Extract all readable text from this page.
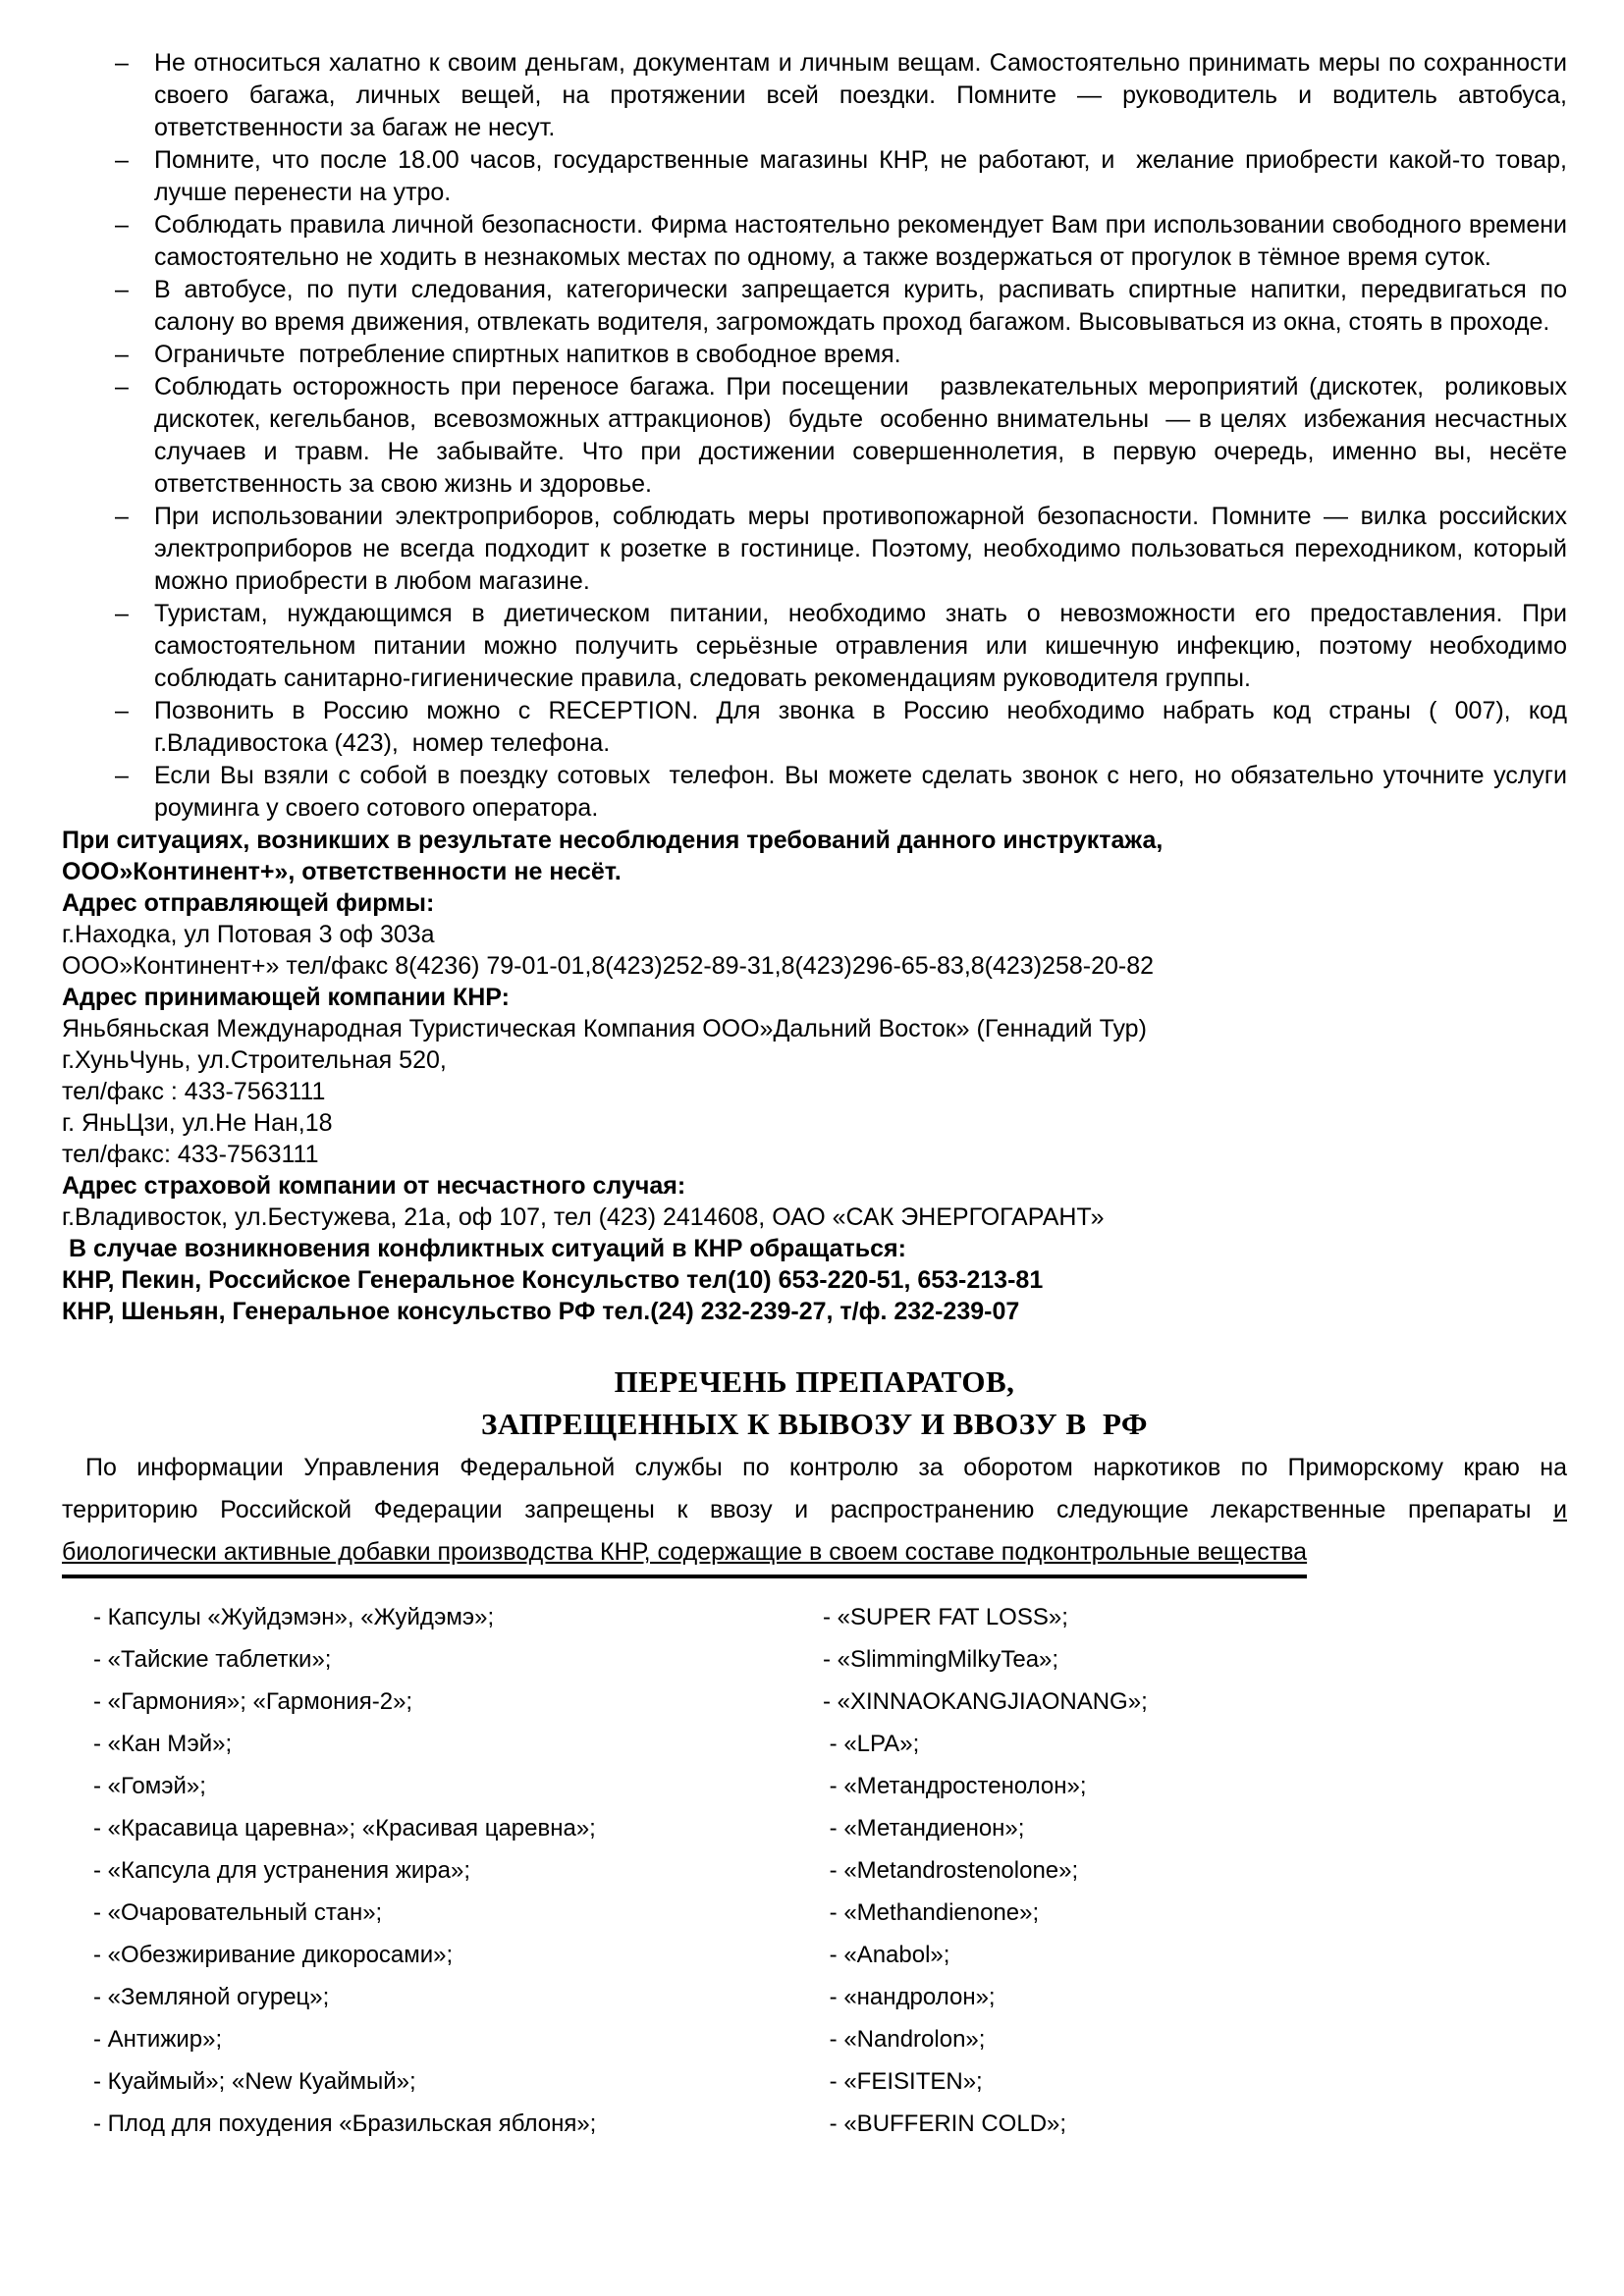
–	Не относиться халатно к своим деньгам, документам и личным вещам. Самостоятельно принимать меры по сохранности своего багажа, личных вещей, на протяжении всей поездки. Помните — руководитель и водитель автобуса, ответственности за багаж не несут.
–	Помните, что после 18.00 часов, государственные магазины КНР, не работают, и  желание приобрести какой-то товар, лучше перенести на утро.
–	Соблюдать правила личной безопасности. Фирма настоятельно рекомендует Вам при использовании свободного времени самостоятельно не ходить в незнакомых местах по одному, а также воздержаться от прогулок в тёмное время суток.
–	В автобусе, по пути следования, категорически запрещается курить, распивать спиртные напитки, передвигаться по салону во время движения, отвлекать водителя, загромождать проход багажом. Высовываться из окна, стоять в проходе.
–	Ограничьте  потребление спиртных напитков в свободное время.
–	Соблюдать осторожность при переносе багажа. При посещении   развлекательных мероприятий (дискотек,  роликовых  дискотек, кегельбанов,  всевозможных аттракционов)  будьте  особенно внимательны  — в целях  избежания несчастных случаев и травм. Не забывайте. Что при достижении совершеннолетия, в первую очередь, именно вы, несёте ответственность за свою жизнь и здоровье.
–	При использовании электроприборов, соблюдать меры противопожарной безопасности. Помните — вилка российских электроприборов не всегда подходит к розетке в гостинице. Поэтому, необходимо пользоваться переходником, который можно приобрести в любом магазине.
–	Туристам, нуждающимся в диетическом питании, необходимо знать о невозможности его предоставления. При самостоятельном питании можно получить серьёзные отравления или кишечную инфекцию, поэтому необходимо соблюдать санитарно-гигиенические правила, следовать рекомендациям руководителя группы.
–	Позвонить в Россию можно с RECEPTION. Для звонка в Россию необходимо набрать код страны ( 007), код г.Владивостока (423),  номер телефона.
–	Если Вы взяли с собой в поездку сотовых  телефон. Вы можете сделать звонок с него, но обязательно уточните услуги роуминга у своего сотового оператора.
При ситуациях, возникших в результате несоблюдения требований данного инструктажа,
ООО»Континент+», ответственности не несёт.
Адрес отправляющей фирмы:
г.Находка, ул Потовая 3 оф 303а
ООО»Континент+» тел/факс 8(4236) 79-01-01,8(423)252-89-31,8(423)296-65-83,8(423)258-20-82
Адрес принимающей компании КНР:
Яньбяньская Международная Туристическая Компания ООО»Дальний Восток» (Геннадий Тур)
г.ХуньЧунь, ул.Строительная 520,
тел/факс : 433-7563111
г. ЯньЦзи, ул.Не Нан,18
тел/факс: 433-7563111
Адрес страховой компании от несчастного случая:
г.Владивосток, ул.Бестужева, 21а, оф 107, тел (423) 2414608, ОАО «САК ЭНЕРГОГАРАНТ»
В случае возникновения конфликтных ситуаций в КНР обращаться:
КНР, Пекин, Российское Генеральное Консульство тел(10) 653-220-51, 653-213-81
КНР, Шеньян, Генеральное консульство РФ тел.(24) 232-239-27, т/ф. 232-239-07
ПЕРЕЧЕНЬ ПРЕПАРАТОВ,
ЗАПРЕЩЕННЫХ К ВЫВОЗУ И ВВОЗУ В  РФ
По информации Управления Федеральной службы по контролю за оборотом наркотиков по Приморскому краю на
территорию Российской Федерации запрещены к ввозу и распространению следующие лекарственные препараты и
биологически активные добавки производства КНР, содержащие в своем составе подконтрольные вещества
- Капсулы «Жуйдэмэн», «Жуйдэмэ»;	- «SUPER FAT LOSS»;
- «Тайские таблетки»;	- «SlimmingMilkyTea»;
- «Гармония»; «Гармония-2»;	- «XINNAOKANGJIAONANG»;
- «Кан Мэй»;	- «LPA»;
- «Гомэй»;	- «Метандростенолон»;
- «Красавица царевна»; «Красивая царевна»;	- «Метандиенон»;
- «Капсула для устранения жира»;	- «Metandrostenolone»;
- «Очаровательный стан»;	- «Methandienone»;
- «Обезжиривание дикоросами»;	- «Anabol»;
- «Земляной огурец»;	- «нандролон»;
- Антижир»;	- «Nandrolon»;
- Куаймый»; «New Куаймый»;	- «FEISITEN»;
- Плод для похудения «Бразильская яблоня»;	- «BUFFERIN COLD»;
